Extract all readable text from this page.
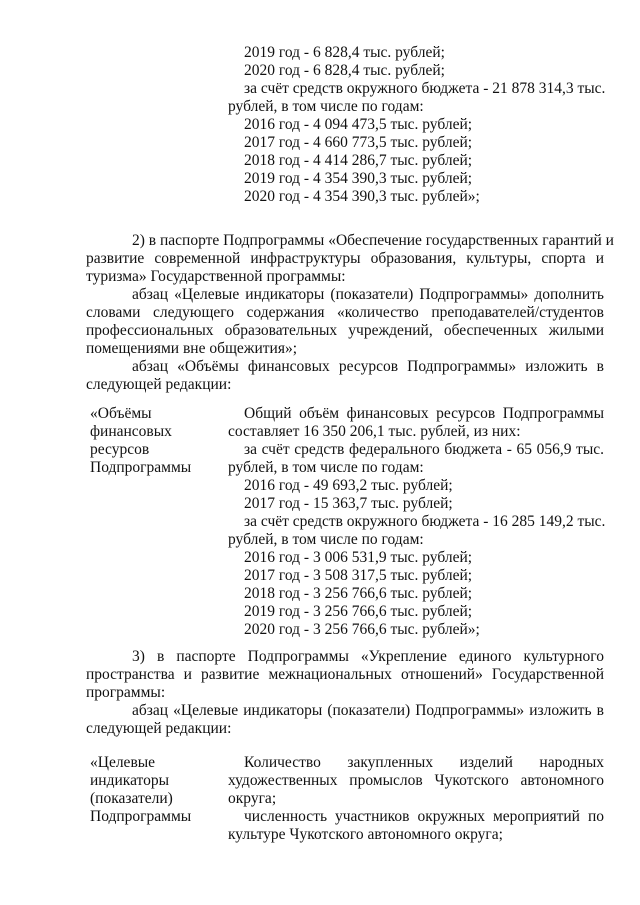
2019 год - 6 828,4 тыс. рублей;
2020 год - 6 828,4 тыс. рублей;
за счёт средств окружного бюджета - 21 878 314,3 тыс.
рублей, в том числе по годам:
2016 год - 4 094 473,5 тыс. рублей;
2017 год - 4 660 773,5 тыс. рублей;
2018 год - 4 414 286,7 тыс. рублей;
2019 год - 4 354 390,3 тыс. рублей;
2020 год - 4 354 390,3 тыс. рублей»;
2) в паспорте Подпрограммы «Обеспечение государственных гарантий и
развитие современной инфраструктуры образования, культуры, спорта и
туризма» Государственной программы:
абзац «Целевые индикаторы (показатели) Подпрограммы» дополнить
словами следующего содержания «количество преподавателей/студентов
профессиональных образовательных учреждений, обеспеченных жилыми
помещениями вне общежития»;
абзац «Объёмы финансовых ресурсов Подпрограммы» изложить в
следующей редакции:
«Объёмы
финансовых
ресурсов
Подпрограммы
Общий объём финансовых ресурсов Подпрограммы
составляет 16 350 206,1 тыс. рублей, из них:
за счёт средств федерального бюджета - 65 056,9 тыс.
рублей, в том числе по годам:
2016 год - 49 693,2 тыс. рублей;
2017 год - 15 363,7 тыс. рублей;
за счёт средств окружного бюджета - 16 285 149,2 тыс.
рублей, в том числе по годам:
2016 год - 3 006 531,9 тыс. рублей;
2017 год - 3 508 317,5 тыс. рублей;
2018 год - 3 256 766,6 тыс. рублей;
2019 год - 3 256 766,6 тыс. рублей;
2020 год - 3 256 766,6 тыс. рублей»;
3) в паспорте Подпрограммы «Укрепление единого культурного
пространства и развитие межнациональных отношений» Государственной
программы:
абзац «Целевые индикаторы (показатели) Подпрограммы» изложить в
следующей редакции:
«Целевые
индикаторы
(показатели)
Подпрограммы
Количество закупленных изделий народных
художественных промыслов Чукотского автономного
округа;
численность участников окружных мероприятий по
культуре Чукотского автономного округа;
